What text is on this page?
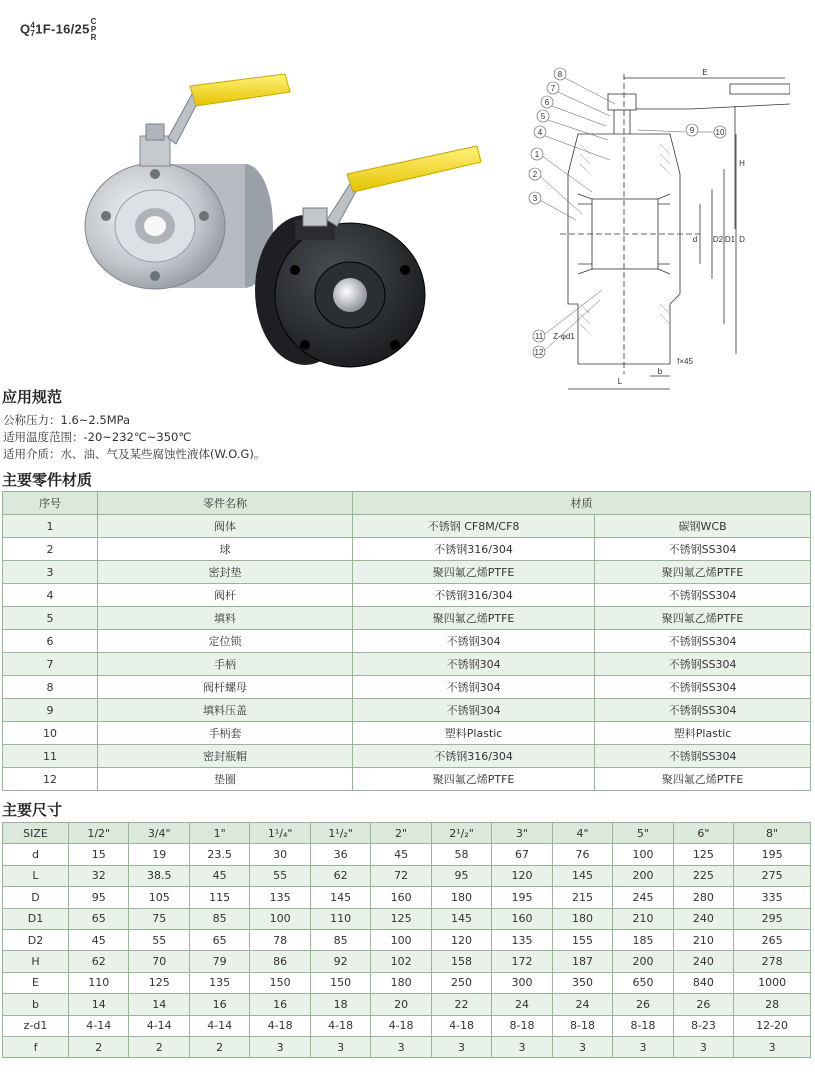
Q 4
7 1F-16/25 C
P
R
8
7
6
5
4
1
2
3
9	10
11
12
E
H
D
D1
D2
d
Z-φd1
f×45
b
L
应用规范
公称压力：1.6~2.5MPa
适用温度范围：-20~232℃~350℃
适用介质：水、油、气及某些腐蚀性液体(W.O.G)。
主要零件材质
序号	零件名称	材质	
1	阀体	不锈钢 CF8M/CF8	碳钢WCB
2	球	不锈钢316/304	不锈钢SS304
3	密封垫	聚四氟乙烯PTFE	聚四氟乙烯PTFE
4	阀杆	不锈钢316/304	不锈钢SS304
5	填料	聚四氟乙烯PTFE	聚四氟乙烯PTFE
6	定位锁	不锈钢304	不锈钢SS304
7	手柄	不锈钢304	不锈钢SS304
8	阀杆螺母	不锈钢304	不锈钢SS304
9	填料压盖	不锈钢304	不锈钢SS304
10	手柄套	塑料Plastic	塑料Plastic
11	密封瓶帽	不锈钢316/304	不锈钢SS304
12	垫圈	聚四氟乙烯PTFE	聚四氟乙烯PTFE
主要尺寸
SIZE	1/2"	3/4"	1"	1¹/₄"	1¹/₂"	2"	2¹/₂"	3"	4"	5"	6"	8"
d	15	19	23.5	30	36	45	58	67	76	100	125	195
L	32	38.5	45	55	62	72	95	120	145	200	225	275
D	95	105	115	135	145	160	180	195	215	245	280	335
D1	65	75	85	100	110	125	145	160	180	210	240	295
D2	45	55	65	78	85	100	120	135	155	185	210	265
H	62	70	79	86	92	102	158	172	187	200	240	278
E	110	125	135	150	150	180	250	300	350	650	840	1000
b	14	14	16	16	18	20	22	24	24	26	26	28
z-d1	4-14	4-14	4-14	4-18	4-18	4-18	4-18	8-18	8-18	8-18	8-23	12-20
f	2	2	2	3	3	3	3	3	3	3	3	3
